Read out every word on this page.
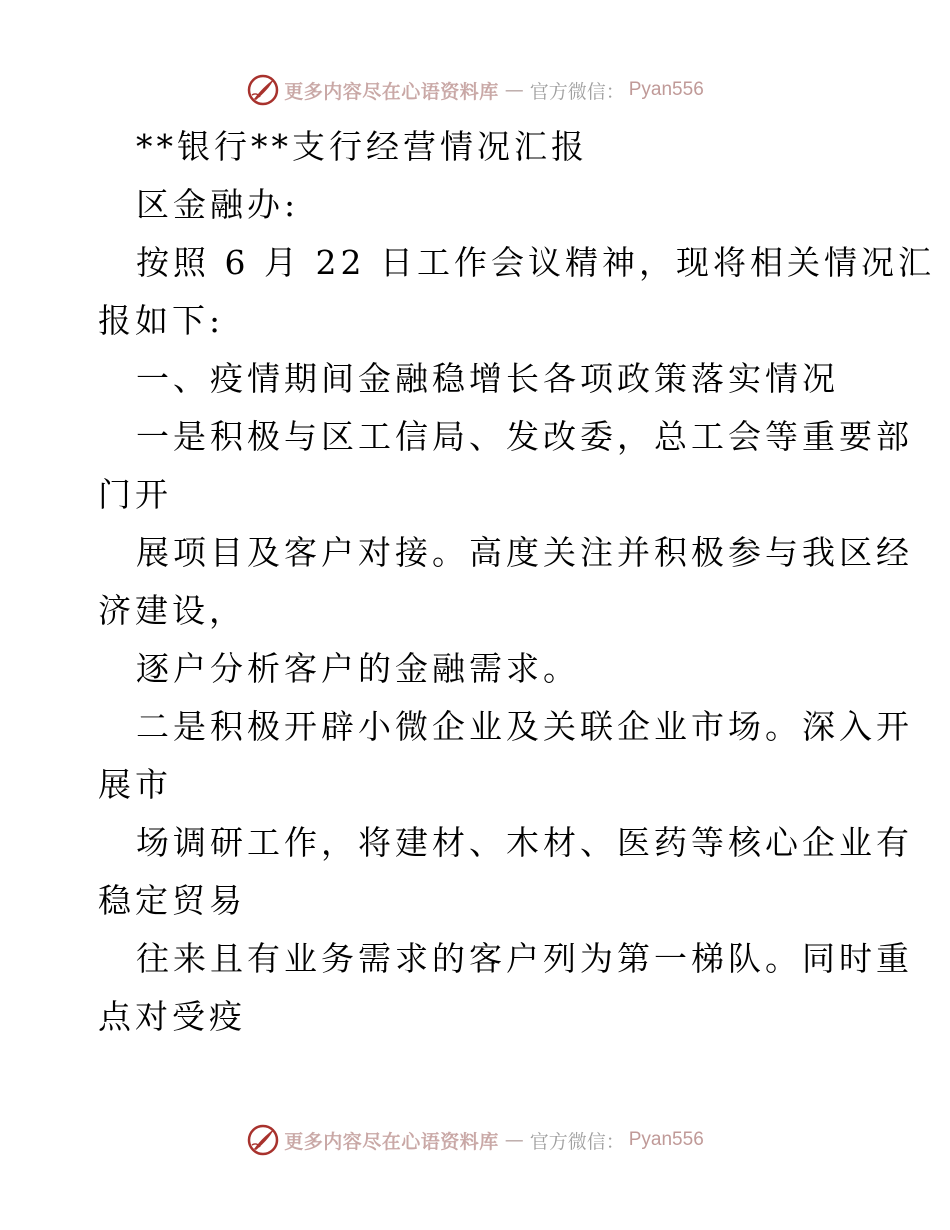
更多内容尽在心语资料库 — 官方微信： Pyan556
**银行**支行经营情况汇报
区金融办:
按照 6 月 22 日工作会议精神，现将相关情况汇
报如下:
一、疫情期间金融稳增长各项政策落实情况
一是积极与区工信局、发改委，总工会等重要部
门开
展项目及客户对接。高度关注并积极参与我区经
济建设，
逐户分析客户的金融需求。
二是积极开辟小微企业及关联企业市场。深入开
展市
场调研工作，将建材、木材、医药等核心企业有
稳定贸易
往来且有业务需求的客户列为第一梯队。同时重
点对受疫
更多内容尽在心语资料库 — 官方微信： Pyan556
